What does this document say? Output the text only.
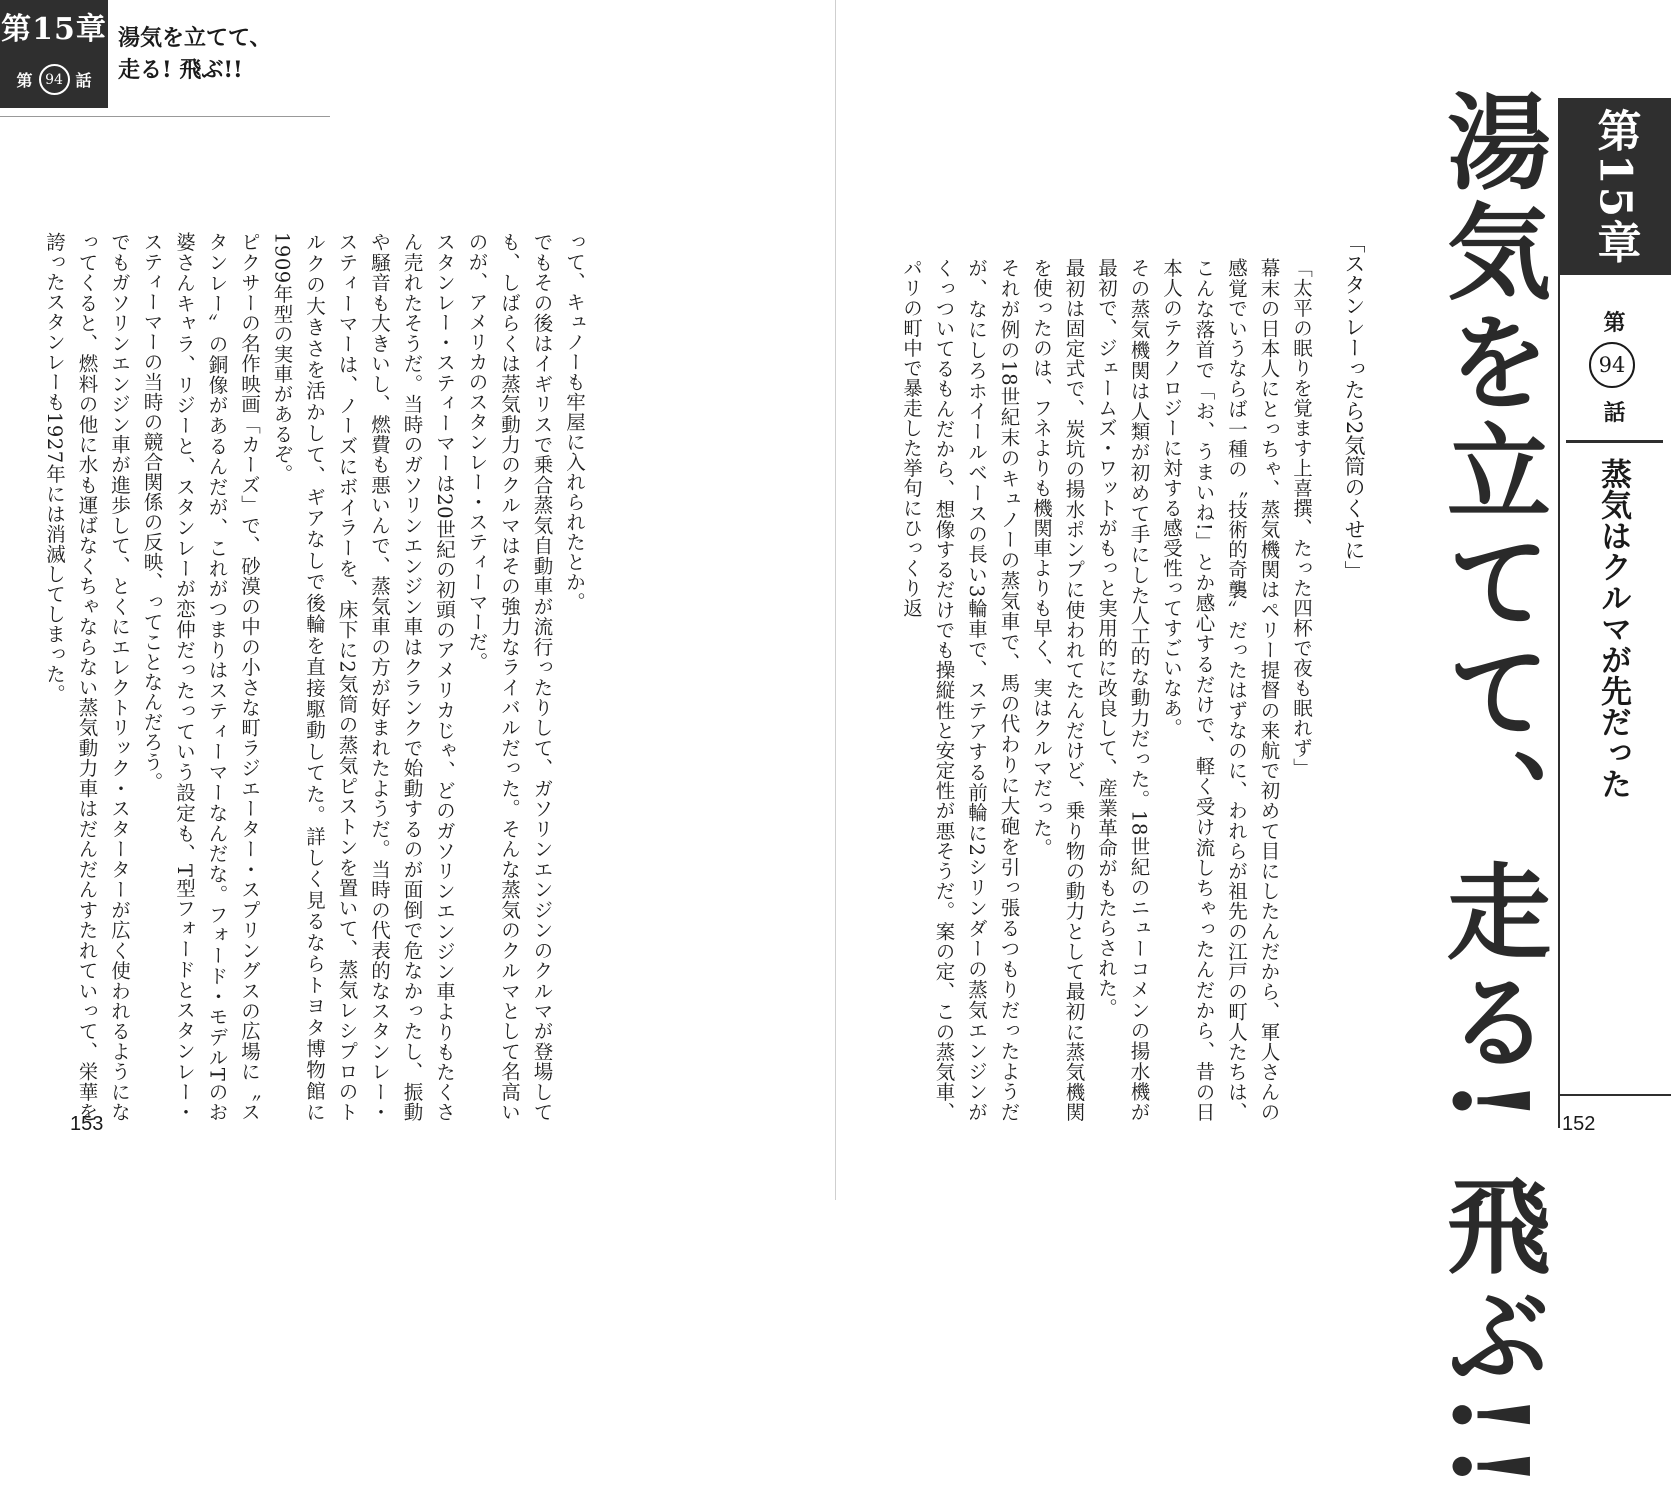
第15章
第 94 話
湯気を立てて、
走る! 飛ぶ!!
って、キュノーも牢屋に入れられたとか。
でもその後はイギリスで乗合蒸気自動車が流行ったりして、ガソリンエンジンのクルマが登場しても、しばらくは蒸気動力のクルマはその強力なライバルだった。そんな蒸気のクルマとして名高いのが、アメリカのスタンレー・スティーマーだ。
スタンレー・スティーマーは20世紀の初頭のアメリカじゃ、どのガソリンエンジン車よりもたくさん売れたそうだ。当時のガソリンエンジン車はクランクで始動するのが面倒で危なかったし、振動や騒音も大きいし、燃費も悪いんで、蒸気車の方が好まれたようだ。当時の代表的なスタンレー・スティーマーは、ノーズにボイラーを、床下に2気筒の蒸気ピストンを置いて、蒸気レシプロのトルクの大きさを活かして、ギアなしで後輪を直接駆動してた。詳しく見るならトヨタ博物館に1909年型の実車があるぞ。
ピクサーの名作映画「カーズ」で、砂漠の中の小さな町ラジエーター・スプリングスの広場に〝スタンレー〟の銅像があるんだが、これがつまりはスティーマーなんだな。フォード・モデルTのお婆さんキャラ、リジーと、スタンレーが恋仲だったっていう設定も、T型フォードとスタンレー・スティーマーの当時の競合関係の反映、ってことなんだろう。
でもガソリンエンジン車が進歩して、とくにエレクトリック・スターターが広く使われるようになってくると、燃料の他に水も運ばなくちゃならない蒸気動力車はだんだんすたれていって、栄華を誇ったスタンレーも1927年には消滅してしまった。
153
「太平の眠りを覚ます上喜撰、たった四杯で夜も眠れず」
幕末の日本人にとっちゃ、蒸気機関はペリー提督の来航で初めて目にしたんだから、軍人さんの感覚でいうならば一種の〝技術的奇襲〟だったはずなのに、われらが祖先の江戸の町人たちは、こんな落首で「お、うまいね!」とか感心するだけで、軽く受け流しちゃったんだから、昔の日本人のテクノロジーに対する感受性ってすごいなあ。
その蒸気機関は人類が初めて手にした人工的な動力だった。18世紀のニューコメンの揚水機が最初で、ジェームズ・ワットがもっと実用的に改良して、産業革命がもたらされた。
最初は固定式で、炭坑の揚水ポンプに使われてたんだけど、乗り物の動力として最初に蒸気機関を使ったのは、フネよりも機関車よりも早く、実はクルマだった。
それが例の18世紀末のキュノーの蒸気車で、馬の代わりに大砲を引っ張るつもりだったようだが、なにしろホイールベースの長い3輪車で、ステアする前輪に2シリンダーの蒸気エンジンがくっついてるもんだから、想像するだけでも操縦性と安定性が悪そうだ。案の定、この蒸気車、パリの町中で暴走した挙句にひっくり返	「スタンレーったら2気筒のくせに」 湯気を立てて、走る! 飛ぶ!! 第15章
第
94
話
蒸気はクルマが先だった
152
